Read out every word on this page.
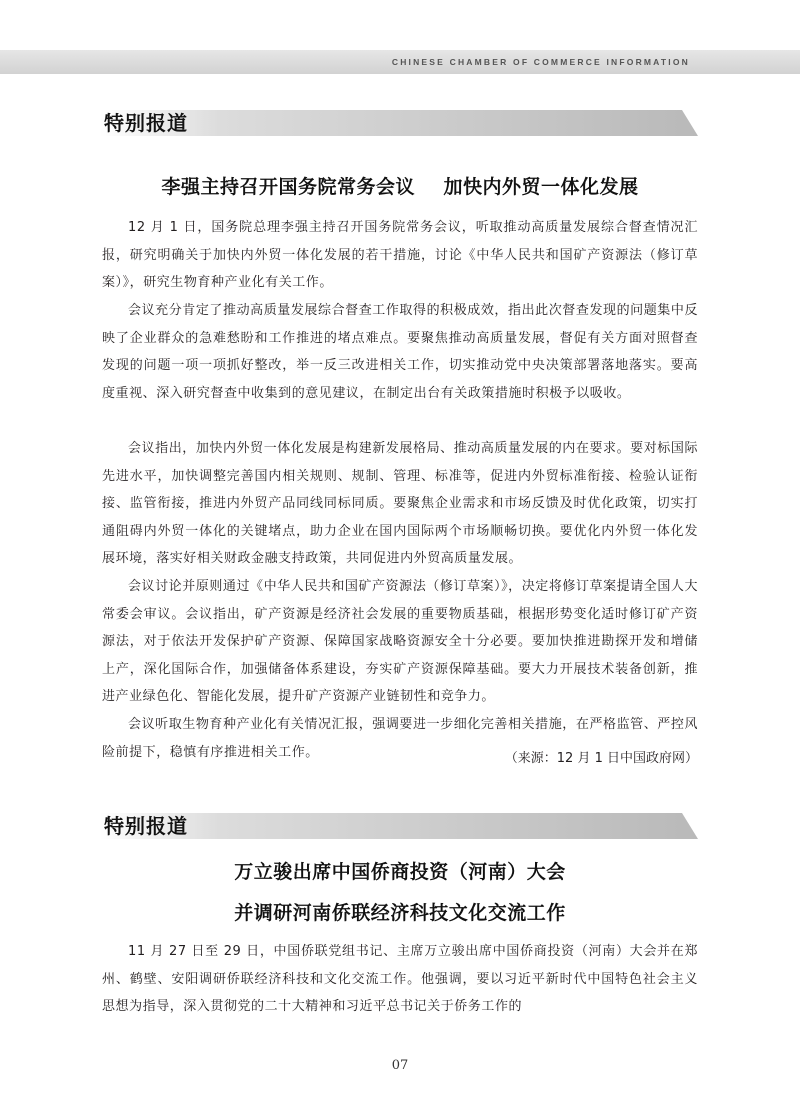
CHINESE CHAMBER OF COMMERCE INFORMATION
特别报道
李强主持召开国务院常务会议    加快内外贸一体化发展

12 月 1 日，国务院总理李强主持召开国务院常务会议，听取推动高质量发展综合督查情况汇报，研究明确关于加快内外贸一体化发展的若干措施，讨论《中华人民共和国矿产资源法（修订草案）》，研究生物育种产业化有关工作。

会议充分肯定了推动高质量发展综合督查工作取得的积极成效，指出此次督查发现的问题集中反映了企业群众的急难愁盼和工作推进的堵点难点。要聚焦推动高质量发展，督促有关方面对照督查发现的问题一项一项抓好整改，举一反三改进相关工作，切实推动党中央决策部署落地落实。要高度重视、深入研究督查中收集到的意见建议，在制定出台有关政策措施时积极予以吸收。

会议指出，加快内外贸一体化发展是构建新发展格局、推动高质量发展的内在要求。要对标国际先进水平，加快调整完善国内相关规则、规制、管理、标准等，促进内外贸标准衔接、检验认证衔接、监管衔接，推进内外贸产品同线同标同质。要聚焦企业需求和市场反馈及时优化政策，切实打通阻碍内外贸一体化的关键堵点，助力企业在国内国际两个市场顺畅切换。要优化内外贸一体化发展环境，落实好相关财政金融支持政策，共同促进内外贸高质量发展。

会议讨论并原则通过《中华人民共和国矿产资源法（修订草案）》，决定将修订草案提请全国人大常委会审议。会议指出，矿产资源是经济社会发展的重要物质基础，根据形势变化适时修订矿产资源法，对于依法开发保护矿产资源、保障国家战略资源安全十分必要。要加快推进勘探开发和增储上产，深化国际合作，加强储备体系建设，夯实矿产资源保障基础。要大力开展技术装备创新，推进产业绿色化、智能化发展，提升矿产资源产业链韧性和竞争力。

会议听取生物育种产业化有关情况汇报，强调要进一步细化完善相关措施，在严格监管、严控风险前提下，稳慎有序推进相关工作。	（来源：12 月 1 日中国政府网）
特别报道
万立骏出席中国侨商投资（河南）大会
并调研河南侨联经济科技文化交流工作

11 月 27 日至 29 日，中国侨联党组书记、主席万立骏出席中国侨商投资（河南）大会并在郑州、鹤壁、安阳调研侨联经济科技和文化交流工作。他强调，要以习近平新时代中国特色社会主义思想为指导，深入贯彻党的二十大精神和习近平总书记关于侨务工作的

07
